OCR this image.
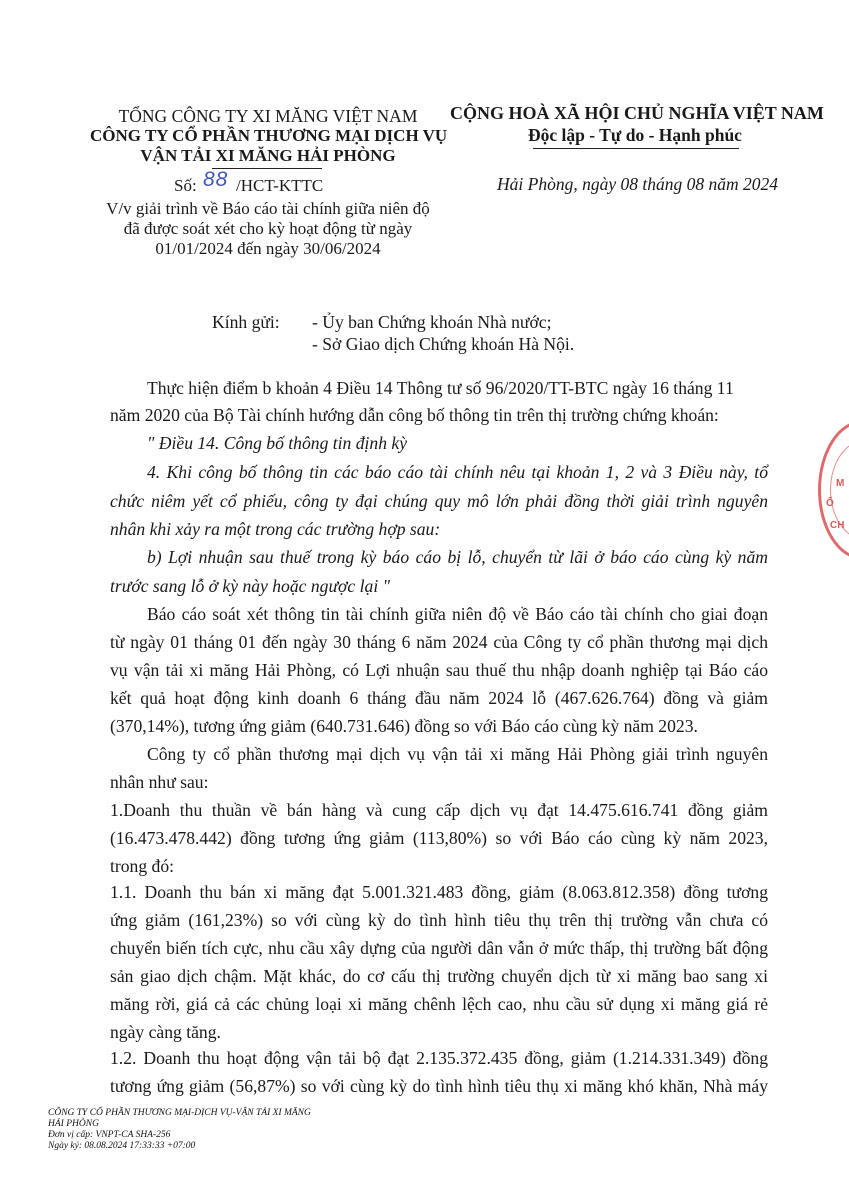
TỔNG CÔNG TY XI MĂNG VIỆT NAM
CÔNG TY CỔ PHẦN THƯƠNG MẠI DỊCH VỤ
VẬN TẢI XI MĂNG HẢI PHÒNG
Số: 88 /HCT-KTTC
V/v giải trình về Báo cáo tài chính giữa niên độ
đã được soát xét cho kỳ hoạt động từ ngày
01/01/2024 đến ngày 30/06/2024
CỘNG HOÀ XÃ HỘI CHỦ NGHĨA VIỆT NAM
Độc lập - Tự do - Hạnh phúc
Hải Phòng, ngày 08 tháng 08 năm 2024
Kính gửi: - Ủy ban Chứng khoán Nhà nước;
- Sở Giao dịch Chứng khoán Hà Nội.
Thực hiện điểm b khoản 4 Điều 14 Thông tư số 96/2020/TT-BTC ngày 16 tháng 11
năm 2020 của Bộ Tài chính hướng dẫn công bố thông tin trên thị trường chứng khoán:
" Điều 14. Công bố thông tin định kỳ
4. Khi công bố thông tin các báo cáo tài chính nêu tại khoản 1, 2 và 3 Điều này, tổ
chức niêm yết cổ phiếu, công ty đại chúng quy mô lớn phải đồng thời giải trình nguyên
nhân khi xảy ra một trong các trường hợp sau:
b) Lợi nhuận sau thuế trong kỳ báo cáo bị lỗ, chuyển từ lãi ở báo cáo cùng kỳ năm
trước sang lỗ ở kỳ này hoặc ngược lại "
Báo cáo soát xét thông tin tài chính giữa niên độ về Báo cáo tài chính cho giai đoạn
từ ngày 01 tháng 01 đến ngày 30 tháng 6 năm 2024 của Công ty cổ phần thương mại dịch
vụ vận tải xi măng Hải Phòng, có Lợi nhuận sau thuế thu nhập doanh nghiệp tại Báo cáo
kết quả hoạt động kinh doanh 6 tháng đầu năm 2024 lỗ (467.626.764) đồng và giảm
(370,14%), tương ứng giảm (640.731.646) đồng so với Báo cáo cùng kỳ năm 2023.
Công ty cổ phần thương mại dịch vụ vận tải xi măng Hải Phòng giải trình nguyên
nhân như sau:
1.Doanh thu thuần về bán hàng và cung cấp dịch vụ đạt 14.475.616.741 đồng giảm
(16.473.478.442) đồng tương ứng giảm (113,80%) so với Báo cáo cùng kỳ năm 2023,
trong đó:
1.1. Doanh thu bán xi măng đạt 5.001.321.483 đồng, giảm (8.063.812.358) đồng tương
ứng giảm (161,23%) so với cùng kỳ do tình hình tiêu thụ trên thị trường vẫn chưa có
chuyển biến tích cực, nhu cầu xây dựng của người dân vẫn ở mức thấp, thị trường bất động
sản giao dịch chậm. Mặt khác, do cơ cấu thị trường chuyển dịch từ xi măng bao sang xi
măng rời, giá cả các chủng loại xi măng chênh lệch cao, nhu cầu sử dụng xi măng giá rẻ
ngày càng tăng.
1.2. Doanh thu hoạt động vận tải bộ đạt 2.135.372.435 đồng, giảm (1.214.331.349) đồng
tương ứng giảm (56,87%) so với cùng kỳ do tình hình tiêu thụ xi măng khó khăn, Nhà máy
M
Ổ
CH
CÔNG TY CỔ PHẦN THƯƠNG MẠI-DỊCH VỤ-VẬN TẢI XI MĂNG
HẢI PHÒNG
Đơn vị cấp: VNPT-CA SHA-256
Ngày ký: 08.08.2024 17:33:33 +07:00
